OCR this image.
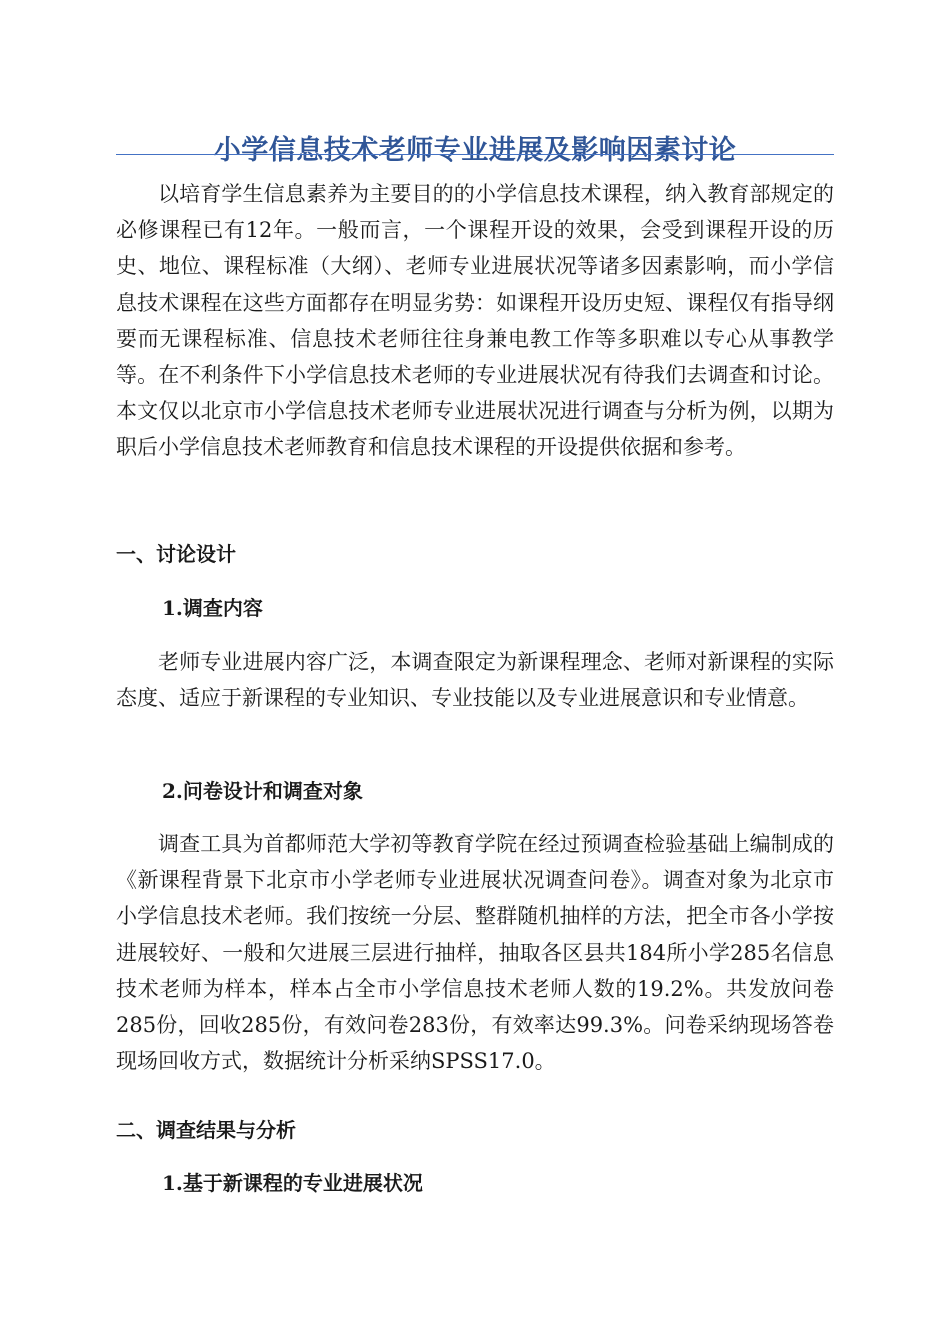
小学信息技术老师专业进展及影响因素讨论

以培育学生信息素养为主要目的的小学信息技术课程，纳入教育部规定的必修课程已有12年。一般而言，一个课程开设的效果，会受到课程开设的历史、地位、课程标准（大纲）、老师专业进展状况等诸多因素影响，而小学信息技术课程在这些方面都存在明显劣势：如课程开设历史短、课程仅有指导纲要而无课程标准、信息技术老师往往身兼电教工作等多职难以专心从事教学等。在不利条件下小学信息技术老师的专业进展状况有待我们去调查和讨论。本文仅以北京市小学信息技术老师专业进展状况进行调查与分析为例，以期为职后小学信息技术老师教育和信息技术课程的开设提供依据和参考。

一、讨论设计
1.调查内容

老师专业进展内容广泛，本调查限定为新课程理念、老师对新课程的实际态度、适应于新课程的专业知识、专业技能以及专业进展意识和专业情意。

2.问卷设计和调查对象

调查工具为首都师范大学初等教育学院在经过预调查检验基础上编制成的《新课程背景下北京市小学老师专业进展状况调查问卷》。调查对象为北京市小学信息技术老师。我们按统一分层、整群随机抽样的方法，把全市各小学按进展较好、一般和欠进展三层进行抽样，抽取各区县共184所小学285名信息技术老师为样本，样本占全市小学信息技术老师人数的19.2%。共发放问卷285份，回收285份，有效问卷283份，有效率达99.3%。问卷采纳现场答卷现场回收方式，数据统计分析采纳SPSS17.0。

二、调查结果与分析
1.基于新课程的专业进展状况
